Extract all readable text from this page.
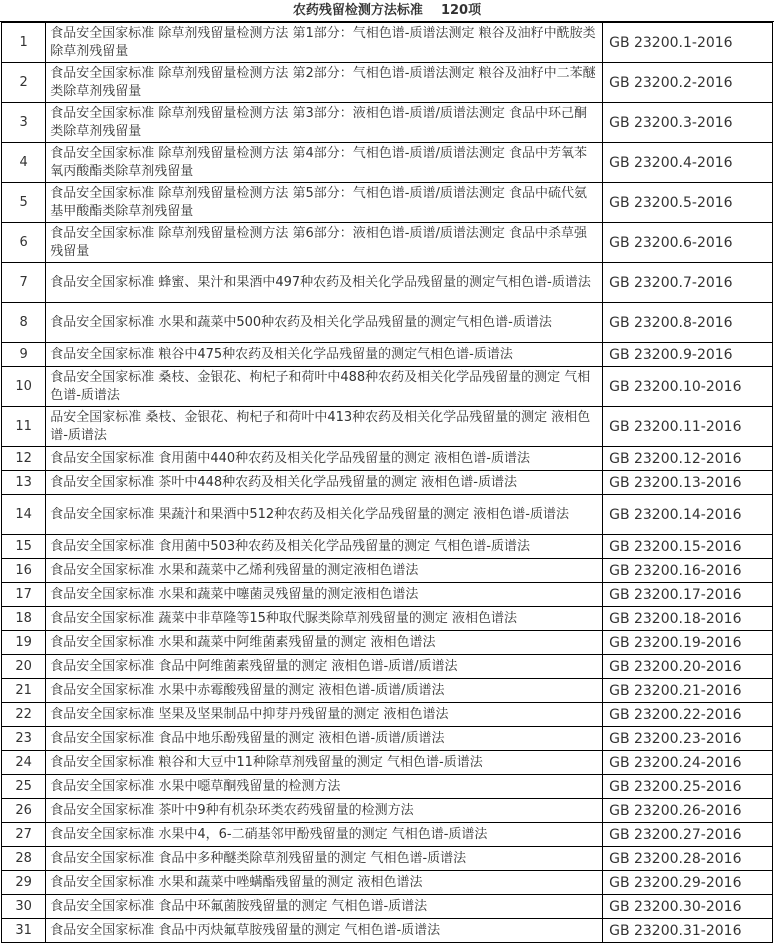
农药残留检测方法标准 120项
1	食品安全国家标准 除草剂残留量检测方法 第1部分：气相色谱-质谱法测定 粮谷及油籽中酰胺类除草剂残留量	GB 23200.1-2016
2	食品安全国家标准 除草剂残留量检测方法 第2部分：气相色谱-质谱法测定 粮谷及油籽中二苯醚类除草剂残留量	GB 23200.2-2016
3	食品安全国家标准 除草剂残留量检测方法 第3部分：液相色谱-质谱/质谱法测定 食品中环己酮类除草剂残留量	GB 23200.3-2016
4	食品安全国家标准 除草剂残留量检测方法 第4部分：气相色谱-质谱/质谱法测定 食品中芳氧苯氧丙酸酯类除草剂残留量	GB 23200.4-2016
5	食品安全国家标准 除草剂残留量检测方法 第5部分：气相色谱-质谱/质谱法测定 食品中硫代氨基甲酸酯类除草剂残留量	GB 23200.5-2016
6	食品安全国家标准 除草剂残留量检测方法 第6部分：液相色谱-质谱/质谱法测定 食品中杀草强残留量	GB 23200.6-2016
7	食品安全国家标准 蜂蜜、果汁和果酒中497种农药及相关化学品残留量的测定气相色谱-质谱法	GB 23200.7-2016
8	食品安全国家标准 水果和蔬菜中500种农药及相关化学品残留量的测定气相色谱-质谱法	GB 23200.8-2016
9	食品安全国家标准 粮谷中475种农药及相关化学品残留量的测定气相色谱-质谱法	GB 23200.9-2016
10	食品安全国家标准 桑枝、金银花、枸杞子和荷叶中488种农药及相关化学品残留量的测定 气相色谱-质谱法	GB 23200.10-2016
11	品安全国家标准 桑枝、金银花、枸杞子和荷叶中413种农药及相关化学品残留量的测定 液相色谱-质谱法	GB 23200.11-2016
12	食品安全国家标准 食用菌中440种农药及相关化学品残留量的测定 液相色谱-质谱法	GB 23200.12-2016
13	食品安全国家标准 茶叶中448种农药及相关化学品残留量的测定 液相色谱-质谱法	GB 23200.13-2016
14	食品安全国家标准 果蔬汁和果酒中512种农药及相关化学品残留量的测定 液相色谱-质谱法	GB 23200.14-2016
15	食品安全国家标准 食用菌中503种农药及相关化学品残留量的测定 气相色谱-质谱法	GB 23200.15-2016
16	食品安全国家标准 水果和蔬菜中乙烯利残留量的测定液相色谱法	GB 23200.16-2016
17	食品安全国家标准 水果和蔬菜中噻菌灵残留量的测定液相色谱法	GB 23200.17-2016
18	食品安全国家标准 蔬菜中非草隆等15种取代脲类除草剂残留量的测定 液相色谱法	GB 23200.18-2016
19	食品安全国家标准 水果和蔬菜中阿维菌素残留量的测定 液相色谱法	GB 23200.19-2016
20	食品安全国家标准 食品中阿维菌素残留量的测定 液相色谱-质谱/质谱法	GB 23200.20-2016
21	食品安全国家标准 水果中赤霉酸残留量的测定 液相色谱-质谱/质谱法	GB 23200.21-2016
22	食品安全国家标准 坚果及坚果制品中抑芽丹残留量的测定 液相色谱法	GB 23200.22-2016
23	食品安全国家标准 食品中地乐酚残留量的测定 液相色谱-质谱/质谱法	GB 23200.23-2016
24	食品安全国家标准 粮谷和大豆中11种除草剂残留量的测定 气相色谱-质谱法	GB 23200.24-2016
25	食品安全国家标准 水果中噁草酮残留量的检测方法	GB 23200.25-2016
26	食品安全国家标准 茶叶中9种有机杂环类农药残留量的检测方法	GB 23200.26-2016
27	食品安全国家标准 水果中4，6-二硝基邻甲酚残留量的测定 气相色谱-质谱法	GB 23200.27-2016
28	食品安全国家标准 食品中多种醚类除草剂残留量的测定 气相色谱-质谱法	GB 23200.28-2016
29	食品安全国家标准 水果和蔬菜中唑螨酯残留量的测定 液相色谱法	GB 23200.29-2016
30	食品安全国家标准 食品中环氟菌胺残留量的测定 气相色谱-质谱法	GB 23200.30-2016
31	食品安全国家标准 食品中丙炔氟草胺残留量的测定 气相色谱-质谱法	GB 23200.31-2016
